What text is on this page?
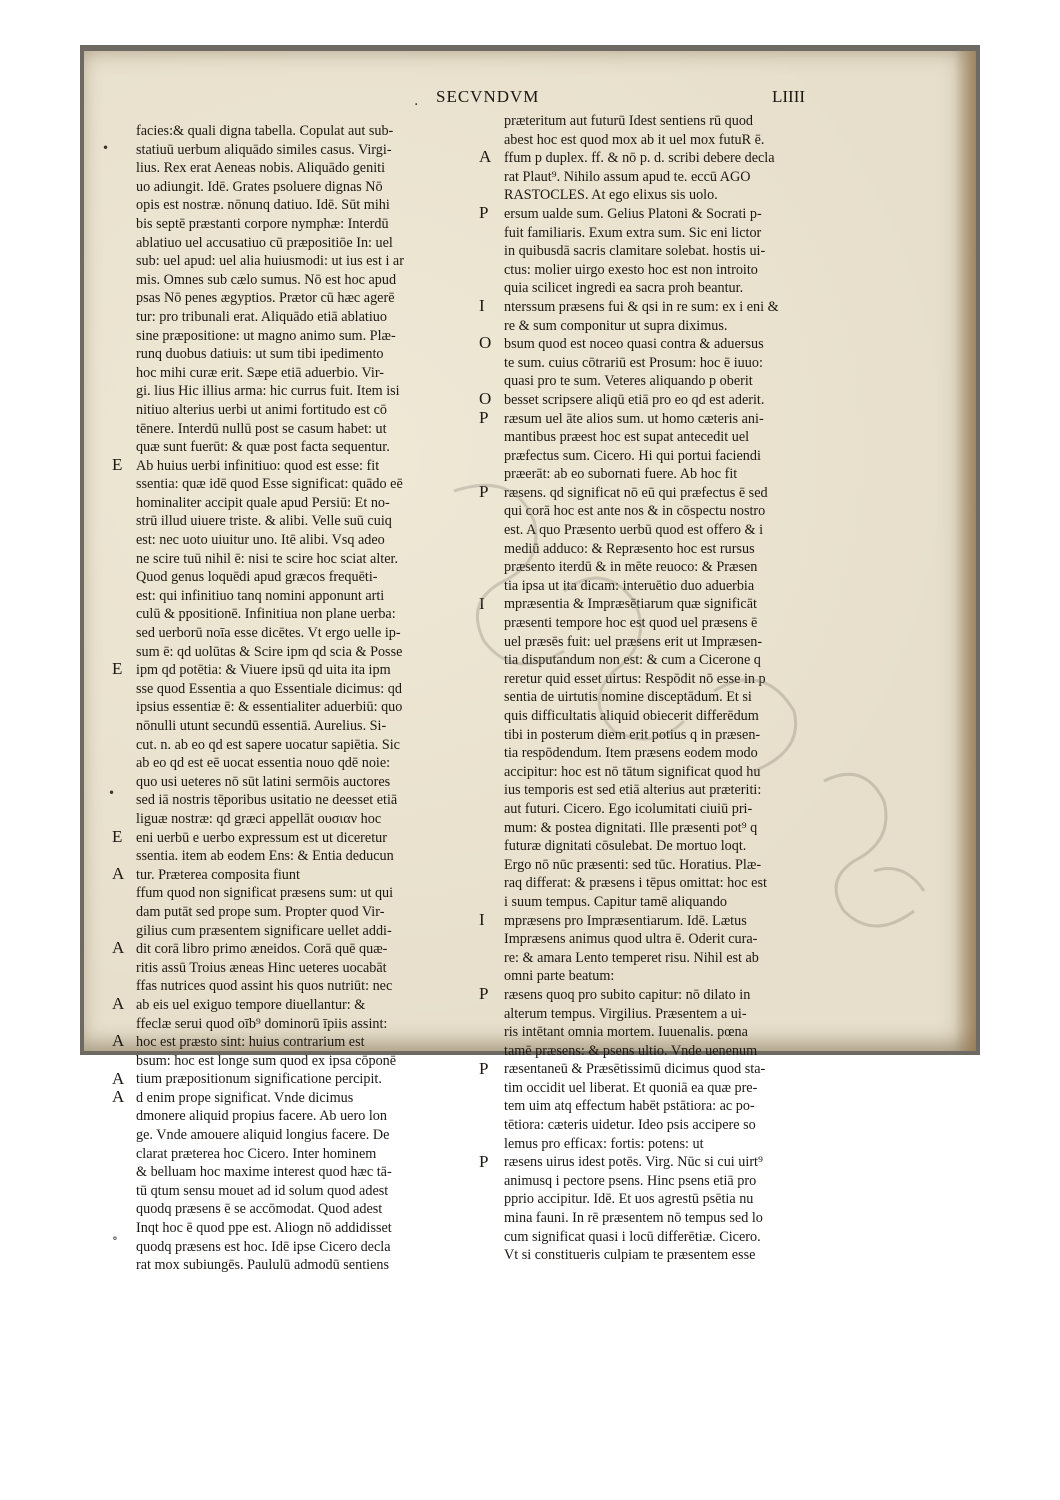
. SECVNDVM	LIIII
E
E
E
A
A
A
A
A
A
facies:& quali digna tabella. Copulat aut sub-
statiuū uerbum aliquādo similes casus. Virgi-
lius. Rex erat Aeneas nobis. Aliquādo geniti
uo adiungit. Idē. Grates psoluere dignas Nō
opis est nostræ. nōnunq datiuo. Idē. Sūt mihi
bis septē præstanti corpore nymphæ: Interdū
ablatiuo uel accusatiuo cū præpositiōe In: uel
sub: uel apud: uel alia huiusmodi: ut ius est i ar
mis. Omnes sub cælo sumus. Nō est hoc apud
psas Nō penes ægyptios. Prætor cū hæc agerē
tur: pro tribunali erat. Aliquādo etiā ablatiuo
sine præpositione: ut magno animo sum. Plæ-
runq duobus datiuis: ut sum tibi ipedimento
hoc mihi curæ erit. Sæpe etiā aduerbio. Vir-
gi. lius Hic illius arma: hic currus fuit. Item isi
nitiuo alterius uerbi ut animi fortitudo est cō
tēnere. Interdū nullū post se casum habet: ut
quæ sunt fuerūt: & quæ post facta sequentur.
Ab huius uerbi infinitiuo: quod est esse: fit
ssentia: quæ idē quod Esse significat: quādo eē
hominaliter accipit quale apud Persiū: Et no-
strū illud uiuere triste. & alibi. Velle suū cuiq
est: nec uoto uiuitur uno. Itē alibi. Vsq adeo
ne scire tuū nihil ē: nisi te scire hoc sciat alter.
Quod genus loquēdi apud græcos frequēti-
est: qui infinitiuo tanq nomini apponunt arti
culū & ppositionē. Infinitiua non plane uerba:
sed uerborū noīa esse dicētes. Vt ergo uelle ip-
sum ē: qd uolūtas & Scire ipm qd scia & Posse
ipm qd potētia: & Viuere ipsū qd uita ita ipm
sse quod Essentia a quo Essentiale dicimus: qd
ipsius essentiæ ē: & essentialiter aduerbiū: quo
nōnulli utunt secundū essentiā. Aurelius. Si-
cut. n. ab eo qd est sapere uocatur sapiētia. Sic
ab eo qd est eē uocat essentia nouo qdē noie:
quo usi ueteres nō sūt latini sermōis auctores
sed iā nostris tēporibus usitatio ne deesset etiā
liguæ nostræ: qd græci appellāt ουσιαν hoc
eni uerbū e uerbo expressum est ut diceretur
ssentia. item ab eodem Ens: & Entia deducun
tur. Præterea composita fiunt
ffum quod non significat præsens sum: ut qui
dam putāt sed prope sum. Propter quod Vir-
gilius cum præsentem significare uellet addi-
dit corā libro primo æneidos. Corā quē quæ-
ritis assū Troius æneas Hinc ueteres uocabāt
ffas nutrices quod assint his quos nutriūt: nec
ab eis uel exiguo tempore diuellantur: &
ffeclæ serui quod oīb⁹ dominorū īpiis assint:
hoc est præsto sint: huius contrarium est
bsum: hoc est longe sum quod ex ipsa cōponē
tium præpositionum significatione percipit.
d enim prope significat. Vnde dicimus
dmonere aliquid propius facere. Ab uero lon
ge. Vnde amouere aliquid longius facere. De
clarat præterea hoc Cicero. Inter hominem
& belluam hoc maxime interest quod hæc tā-
tū qtum sensu mouet ad id solum quod adest
quodq præsens ē se accōmodat. Quod adest
Inqt hoc ē quod ppe est. Aliogn nō addidisset
quodq præsens est hoc. Idē ipse Cicero decla
rat mox subiungēs. Paululū admodū sentiens
A
P
I
O
O
P
P
I
I
P
P
P
præteritum aut futurū Idest sentiens rū quod
abest hoc est quod mox ab it uel mox futuR ē.
ffum p duplex. ff. & nō p. d. scribi debere decla
rat Plaut⁹. Nihilo assum apud te. eccū AGO
RASTOCLES. At ego elixus sis uolo.
ersum ualde sum. Gelius Platoni & Socrati p-
fuit familiaris. Exum extra sum. Sic eni lictor
in quibusdā sacris clamitare solebat. hostis ui-
ctus: molier uirgo exesto hoc est non introito
quia scilicet ingredi ea sacra proh beantur.
nterssum præsens fui & qsi in re sum: ex i eni &
re & sum componitur ut supra diximus.
bsum quod est noceo quasi contra & aduersus
te sum. cuius cōtrariū est Prosum: hoc ē iuuo:
quasi pro te sum. Veteres aliquando p oberit
besset scripsere aliqū etiā pro eo qd est aderit.
ræsum uel āte alios sum. ut homo cæteris ani-
mantibus præest hoc est supat antecedit uel
præfectus sum. Cicero. Hi qui portui faciendi
præerāt: ab eo subornati fuere. Ab hoc fit
ræsens. qd significat nō eū qui præfectus ē sed
qui corā hoc est ante nos & in cōspectu nostro
est. A quo Præsento uerbū quod est offero & i
mediū adduco: & Repræsento hoc est rursus
præsento iterdū & in mēte reuoco: & Præsen
tia ipsa ut ita dicam: interuētio duo aduerbia
mpræsentia & Impræsētiarum quæ significāt
præsenti tempore hoc est quod uel præsens ē
uel præsēs fuit: uel præsens erit ut Impræsen-
tia disputandum non est: & cum a Cicerone q
reretur quid esset uirtus: Respōdit nō esse in p
sentia de uirtutis nomine disceptādum. Et si
quis difficultatis aliquid obiecerit differēdum
tibi in posterum diem erit potius q in præsen-
tia respōdendum. Item præsens eodem modo
accipitur: hoc est nō tātum significat quod hu
ius temporis est sed etiā alterius aut præteriti:
aut futuri. Cicero. Ego icolumitati ciuiū pri-
mum: & postea dignitati. Ille præsenti pot⁹ q
futuræ dignitati cōsulebat. De mortuo loqt.
Ergo nō nūc præsenti: sed tūc. Horatius. Plæ-
raq differat: & præsens i tēpus omittat: hoc est
i suum tempus. Capitur tamē aliquando
mpræsens pro Impræsentiarum. Idē. Lætus
Impræsens animus quod ultra ē. Oderit cura-
re: & amara Lento temperet risu. Nihil est ab
omni parte beatum:
ræsens quoq pro subito capitur: nō dilato in
alterum tempus. Virgilius. Præsentem a ui-
ris intētant omnia mortem. Iuuenalis. pœna
tamē præsens: & psens ultio. Vnde uenenum
ræsentaneū & Præsētissimū dicimus quod sta-
tim occidit uel liberat. Et quoniā ea quæ pre-
tem uim atq effectum habēt pstātiora: ac po-
tētiora: cæteris uidetur. Ideo psis accipere so
lemus pro efficax: fortis: potens: ut
ræsens uirus idest potēs. Virg. Nūc si cui uirt⁹
animusq i pectore psens. Hinc psens etiā pro
pprio accipitur. Idē. Et uos agrestū psētia nu
mina fauni. In rē præsentem nō tempus sed lo
cum significat quasi i locū differētiæ. Cicero.
Vt si constitueris culpiam te præsentem esse
•
•
∘
